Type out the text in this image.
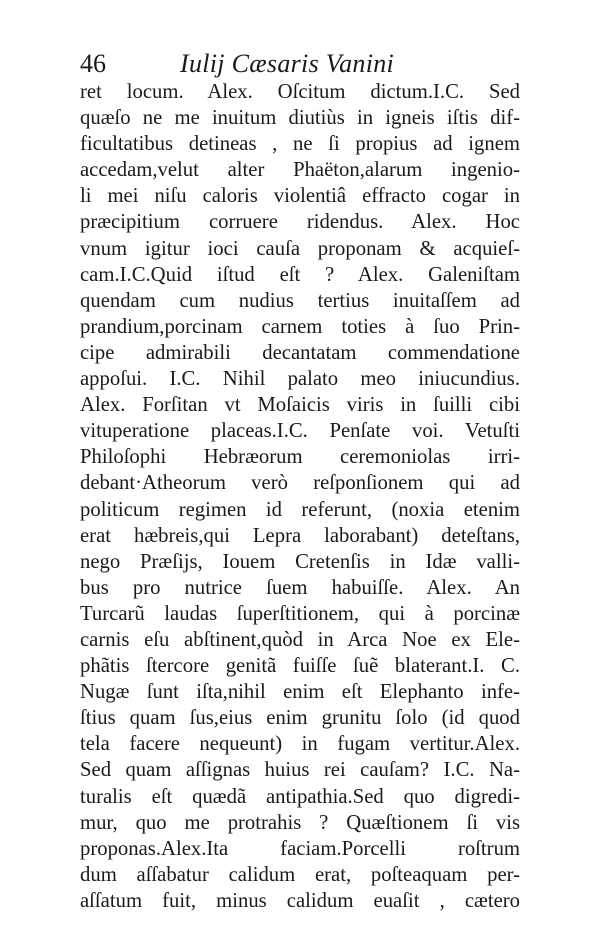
46	Iulij Cæsaris Vanini
ret locum. Alex. Oſcitum dictum.I.C. Sed
quæſo ne me inuitum diutiùs in igneis iſtis dif-
ficultatibus detineas , ne ſi propius ad ignem
accedam,velut alter Phaëton,alarum ingenio-
li mei niſu caloris violentiâ effracto cogar in
præcipitium corruere ridendus. Alex. Hoc
vnum igitur ioci cauſa proponam & acquieſ-
cam.I.C.Quid iſtud eſt ? Alex. Galeniſtam
quendam cum nudius tertius inuitaſſem ad
prandium,porcinam carnem toties à ſuo Prin-
cipe admirabili decantatam commendatione
appoſui. I.C. Nihil palato meo iniucundius.
Alex. Forſitan vt Moſaicis viris in ſuilli cibi
vituperatione placeas.I.C. Penſate voi. Vetuſti
Philoſophi Hebræorum ceremoniolas irri-
debant·Atheorum verò reſponſionem qui ad
politicum regimen id referunt, (noxia etenim
erat hæbreis,qui Lepra laborabant) deteſtans,
nego Præſijs, Iouem Cretenſis in Idæ valli-
bus pro nutrice ſuem habuiſſe. Alex. An
Turcarũ laudas ſuperſtitionem, qui à porcinæ
carnis eſu abſtinent,quòd in Arca Noe ex Ele-
phãtis ſtercore genitã fuiſſe ſuẽ blaterant.I. C.
Nugæ ſunt iſta,nihil enim eſt Elephanto infe-
ſtius quam ſus,eius enim grunitu ſolo (id quod
tela facere nequeunt) in fugam vertitur.Alex.
Sed quam aſſignas huius rei cauſam? I.C. Na-
turalis eſt quædã antipathia.Sed quo digredi-
mur, quo me protrahis ? Quæſtionem ſi vis
proponas.Alex.Ita faciam.Porcelli roſtrum
dum aſſabatur calidum erat, poſteaquam per-
aſſatum fuit, minus calidum euaſit , cætero
